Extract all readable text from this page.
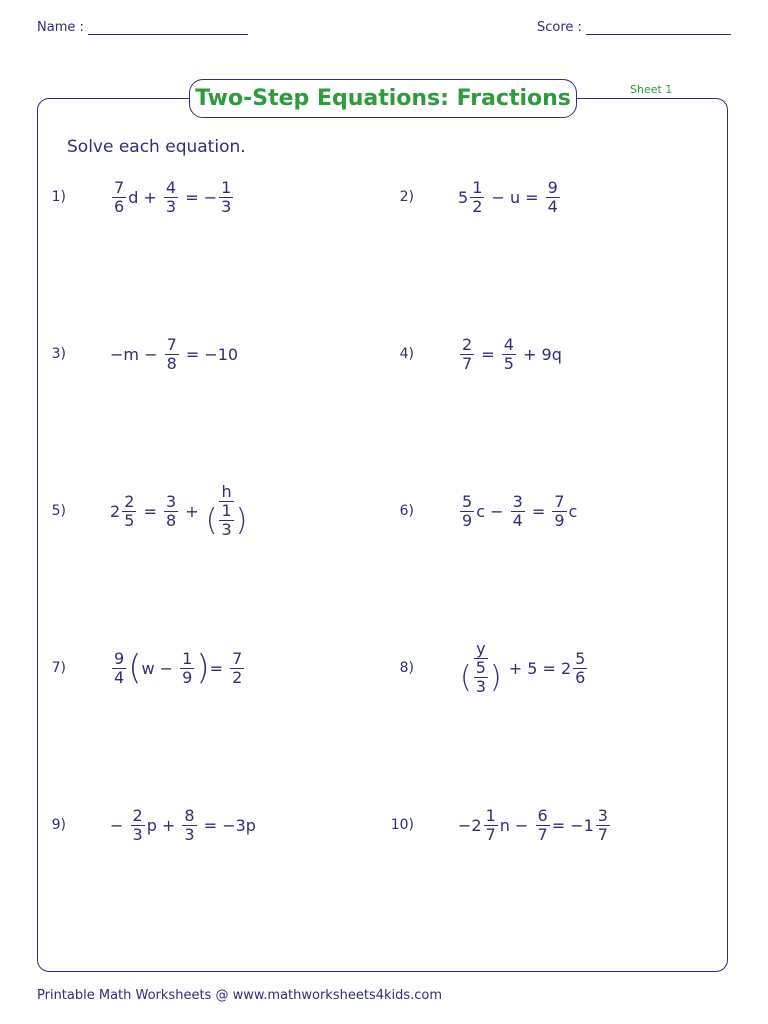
Name :	Score :
Two-Step Equations: Fractions	Sheet 1
Solve each equation.
1)	$\frac{7}{6}$ $d + \frac{4}{3}$ = − $\frac{1}{3}$	2)	$5 \frac{1}{2} - u = \frac{9}{4}$
3)	$-m - \frac{7}{8} = -10$	4)	$\frac{2}{7} = \frac{4}{5} + 9q$
5)	$2 \frac{2}{5} = \frac{3}{8} + \frac{h}{( \frac{1}{3} )}$	6)	$\frac{5}{9}$ $c - \frac{3}{4} = \frac{7}{9}$ c
7)	$\frac{9}{4}$ ( $w - \frac{1}{9}$ ) = $\frac{7}{2}$	8)	$\frac{y}{( \frac{5}{3} )} + 5 = 2 \frac{5}{6}$
9)	− $\frac{2}{3}$ $p + \frac{8}{3} = -3p$	10)	$-2 \frac{1}{7}$ $n - \frac{6}{7} = -1 \frac{3}{7}$
Printable Math Worksheets @ www.mathworksheets4kids.com
